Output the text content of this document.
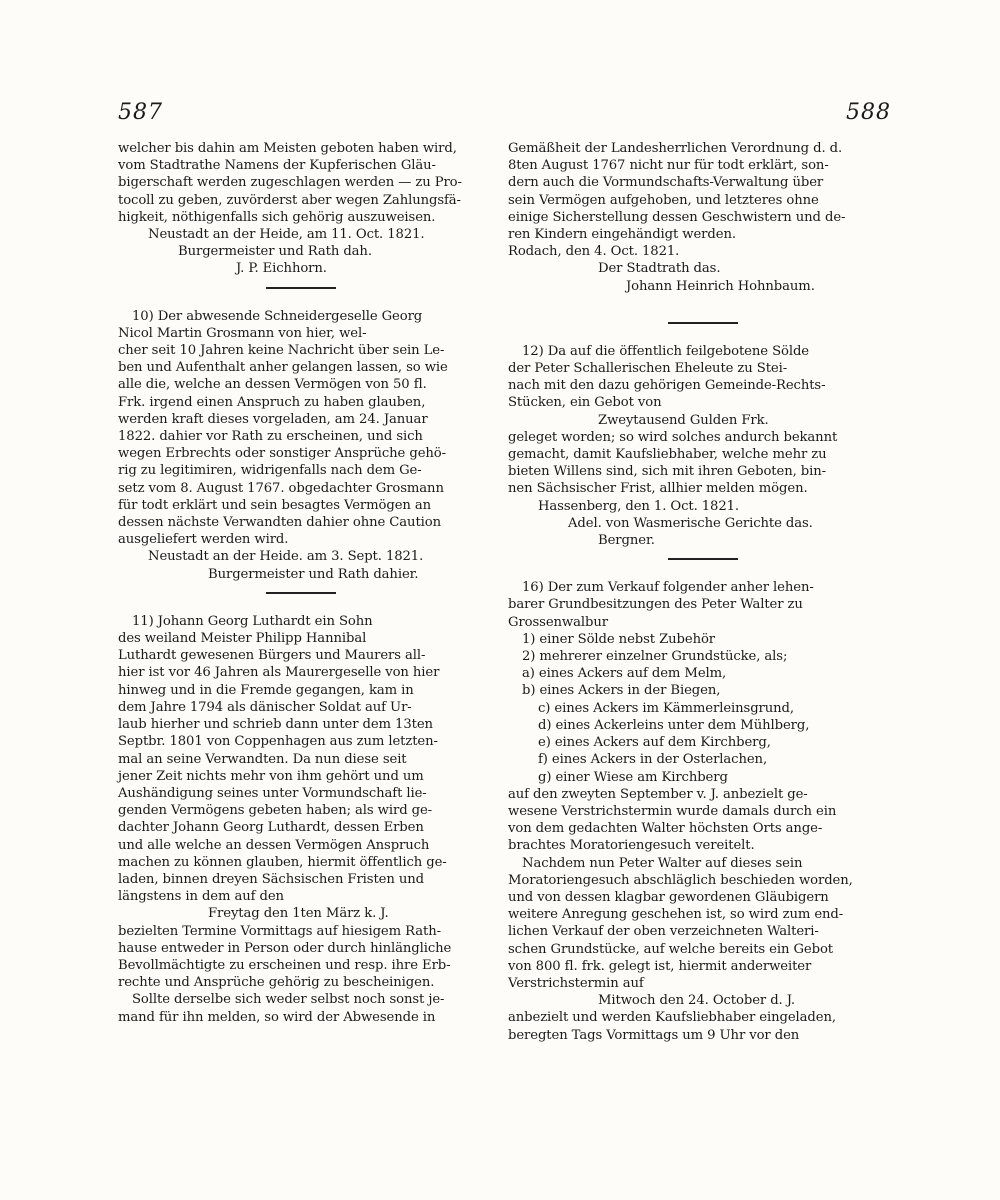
587	588
welcher bis dahin am Meisten geboten haben wird,
vom Stadtrathe Namens der Kupferischen Gläu-
bigerschaft werden zugeschlagen werden — zu Pro-
tocoll zu geben, zuvörderst aber wegen Zahlungsfä-
higkeit, nöthigenfalls sich gehörig auszuweisen.
Neustadt an der Heide, am 11. Oct. 1821.
Burgermeister und Rath dah.
J. P. Eichhorn.
10) Der abwesende Schneidergeselle Georg
Nicol Martin Grosmann von hier, wel-
cher seit 10 Jahren keine Nachricht über sein Le-
ben und Aufenthalt anher gelangen lassen, so wie
alle die, welche an dessen Vermögen von 50 fl.
Frk. irgend einen Anspruch zu haben glauben,
werden kraft dieses vorgeladen, am 24. Januar
1822. dahier vor Rath zu erscheinen, und sich
wegen Erbrechts oder sonstiger Ansprüche gehö-
rig zu legitimiren, widrigenfalls nach dem Ge-
setz vom 8. August 1767. obgedachter Grosmann
für todt erklärt und sein besagtes Vermögen an
dessen nächste Verwandten dahier ohne Caution
ausgeliefert werden wird.
Neustadt an der Heide. am 3. Sept. 1821.
Burgermeister und Rath dahier.
11) Johann Georg Luthardt ein Sohn
des weiland Meister Philipp Hannibal
Luthardt gewesenen Bürgers und Maurers all-
hier ist vor 46 Jahren als Maurergeselle von hier
hinweg und in die Fremde gegangen, kam in
dem Jahre 1794 als dänischer Soldat auf Ur-
laub hierher und schrieb dann unter dem 13ten
Septbr. 1801 von Coppenhagen aus zum letzten-
mal an seine Verwandten. Da nun diese seit
jener Zeit nichts mehr von ihm gehört und um
Aushändigung seines unter Vormundschaft lie-
genden Vermögens gebeten haben; als wird ge-
dachter Johann Georg Luthardt, dessen Erben
und alle welche an dessen Vermögen Anspruch
machen zu können glauben, hiermit öffentlich ge-
laden, binnen dreyen Sächsischen Fristen und
längstens in dem auf den
Freytag den 1ten März k. J.
bezielten Termine Vormittags auf hiesigem Rath-
hause entweder in Person oder durch hinlängliche
Bevollmächtigte zu erscheinen und resp. ihre Erb-
rechte und Ansprüche gehörig zu bescheinigen.
Sollte derselbe sich weder selbst noch sonst je-
mand für ihn melden, so wird der Abwesende in
Gemäßheit der Landesherrlichen Verordnung d. d.
8ten August 1767 nicht nur für todt erklärt, son-
dern auch die Vormundschafts-Verwaltung über
sein Vermögen aufgehoben, und letzteres ohne
einige Sicherstellung dessen Geschwistern und de-
ren Kindern eingehändigt werden.
Rodach, den 4. Oct. 1821.
Der Stadtrath das.
Johann Heinrich Hohnbaum.
12) Da auf die öffentlich feilgebotene Sölde
der Peter Schallerischen Eheleute zu Stei-
nach mit den dazu gehörigen Gemeinde-Rechts-
Stücken, ein Gebot von
Zweytausend Gulden Frk.
geleget worden; so wird solches andurch bekannt
gemacht, damit Kaufsliebhaber, welche mehr zu
bieten Willens sind, sich mit ihren Geboten, bin-
nen Sächsischer Frist, allhier melden mögen.
Hassenberg, den 1. Oct. 1821.
Adel. von Wasmerische Gerichte das.
Bergner.
16) Der zum Verkauf folgender anher lehen-
barer Grundbesitzungen des Peter Walter zu
Grossenwalbur
1) einer Sölde nebst Zubehör
2) mehrerer einzelner Grundstücke, als;
a) eines Ackers auf dem Melm,
b) eines Ackers in der Biegen,
c) eines Ackers im Kämmerleinsgrund,
d) eines Ackerleins unter dem Mühlberg,
e) eines Ackers auf dem Kirchberg,
f) eines Ackers in der Osterlachen,
g) einer Wiese am Kirchberg
auf den zweyten September v. J. anbezielt ge-
wesene Verstrichstermin wurde damals durch ein
von dem gedachten Walter höchsten Orts ange-
brachtes Moratoriengesuch vereitelt.
Nachdem nun Peter Walter auf dieses sein
Moratoriengesuch abschläglich beschieden worden,
und von dessen klagbar gewordenen Gläubigern
weitere Anregung geschehen ist, so wird zum end-
lichen Verkauf der oben verzeichneten Walteri-
schen Grundstücke, auf welche bereits ein Gebot
von 800 fl. frk. gelegt ist, hiermit anderweiter
Verstrichstermin auf
Mitwoch den 24. October d. J.
anbezielt und werden Kaufsliebhaber eingeladen,
beregten Tags Vormittags um 9 Uhr vor den
